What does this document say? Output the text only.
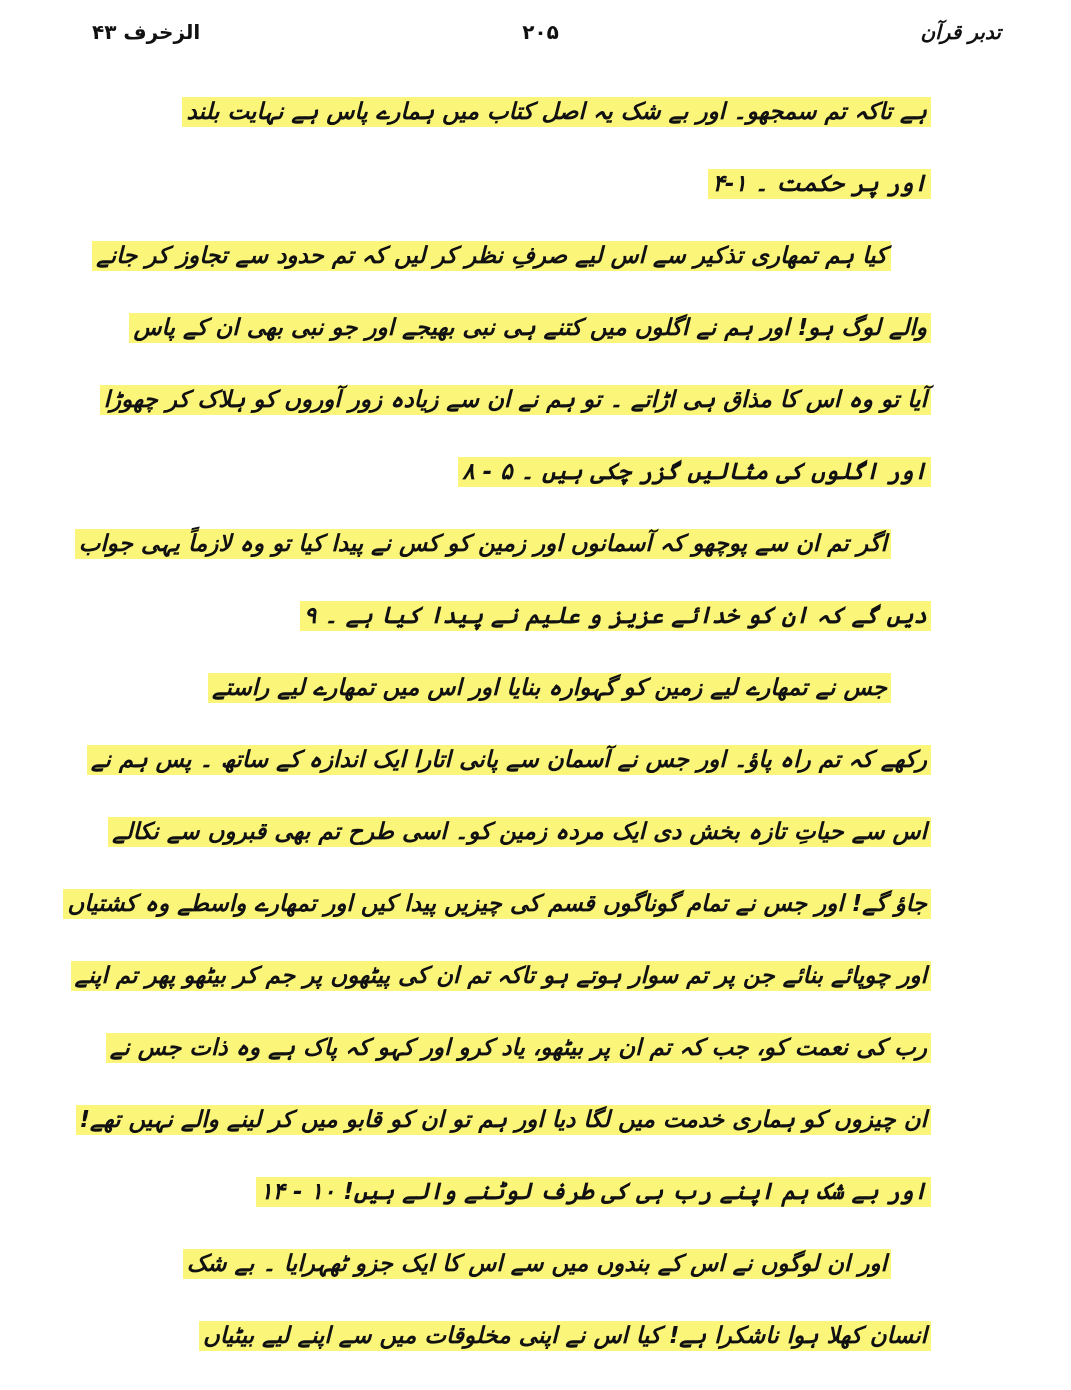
الزخرف ۴۳	۲۰۵	تدبر قرآن
ہے تاکہ تم سمجھو۔ اور بے شک یہ اصل کتاب میں ہمارے پاس ہے نہایت بلند
اور پر حکمت ۔ ۱-۴
کیا ہم تمھاری تذکیر سے اس لیے صرفِ نظر کر لیں کہ تم حدود سے تجاوز کر جانے
والے لوگ ہو! اور ہم نے اگلوں میں کتنے ہی نبی بھیجے اور جو نبی بھی ان کے پاس
آیا تو وہ اس کا مذاق ہی اڑاتے ۔ تو ہم نے ان سے زیادہ زور آوروں کو ہلاک کر چھوڑا
اور اگلوں کی مثالیں گزر چکی ہیں ۔ ۵ - ۸
اگر تم ان سے پوچھو کہ آسمانوں اور زمین کو کس نے پیدا کیا تو وہ لازماً یہی جواب
دیں گے کہ ان کو خدائے عزیز و علیم نے پیدا کیا ہے ۔ ۹
جس نے تمھارے لیے زمین کو گہوارہ بنایا اور اس میں تمھارے لیے راستے
رکھے کہ تم راہ پاؤ۔ اور جس نے آسمان سے پانی اتارا ایک اندازہ کے ساتھ ۔ پس ہم نے
اس سے حیاتِ تازہ بخش دی ایک مردہ زمین کو۔ اسی طرح تم بھی قبروں سے نکالے
جاؤ گے! اور جس نے تمام گوناگوں قسم کی چیزیں پیدا کیں اور تمھارے واسطے وہ کشتیاں
اور چوپائے بنائے جن پر تم سوار ہوتے ہو تاکہ تم ان کی پیٹھوں پر جم کر بیٹھو پھر تم اپنے
رب کی نعمت کو، جب کہ تم ان پر بیٹھو، یاد کرو اور کہو کہ پاک ہے وہ ذات جس نے
ان چیزوں کو ہماری خدمت میں لگا دیا اور ہم تو ان کو قابو میں کر لینے والے نہیں تھے!
اور بے شک ہم اپنے رب ہی کی طرف لوٹنے والے ہیں! ۱۰ - ۱۴
اور ان لوگوں نے اس کے بندوں میں سے اس کا ایک جزو ٹھہرایا ۔ بے شک
انسان کھلا ہوا ناشکرا ہے! کیا اس نے اپنی مخلوقات میں سے اپنے لیے بیٹیاں
